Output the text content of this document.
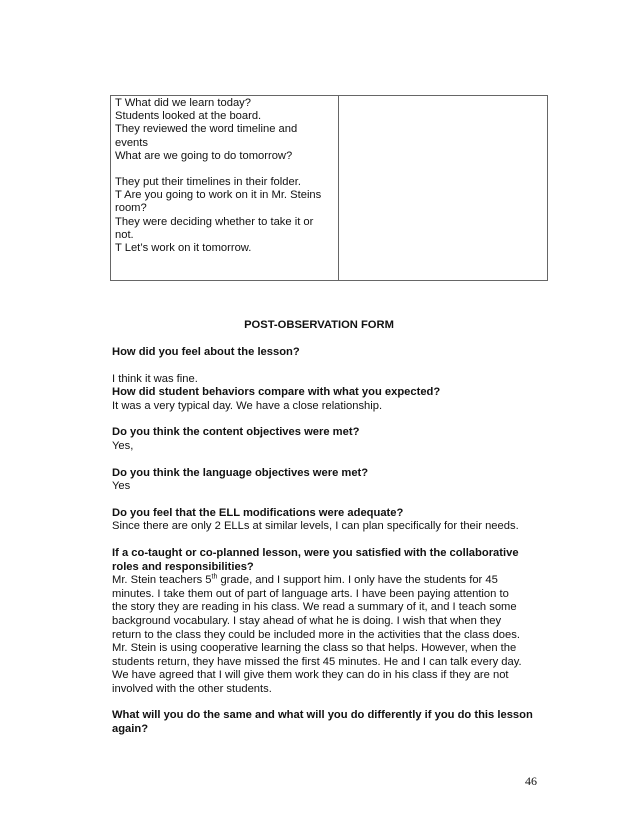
T What did we learn today?

Students looked at the board.

They reviewed the word timeline and

events

What are we going to do tomorrow?

They put their timelines in their folder.

T Are you going to work on it in Mr. Steins

room?

They were deciding whether to take it or

not.

T Let’s work on it tomorrow.

POST-OBSERVATION FORM

How did you feel about the lesson?

I think it was fine.

How did student behaviors compare with what you expected?

It was a very typical day. We have a close relationship.

Do you think the content objectives were met?

Yes,

Do you think the language objectives were met?

Yes

Do you feel that the ELL modifications were adequate?

Since there are only 2 ELLs at similar levels, I can plan specifically for their needs.

If a co-taught or co-planned lesson, were you satisfied with the collaborative

roles and responsibilities?

Mr. Stein teachers 5th grade, and I support him. I only have the students for 45

minutes. I take them out of part of language arts. I have been paying attention to

the story they are reading in his class. We read a summary of it, and I teach some

background vocabulary. I stay ahead of what he is doing. I wish that when they

return to the class they could be included more in the activities that the class does.

Mr. Stein is using cooperative learning the class so that helps. However, when the

students return, they have missed the first 45 minutes. He and I can talk every day.

We have agreed that I will give them work they can do in his class if they are not

involved with the other students.

What will you do the same and what will you do differently if you do this lesson

again?

46
